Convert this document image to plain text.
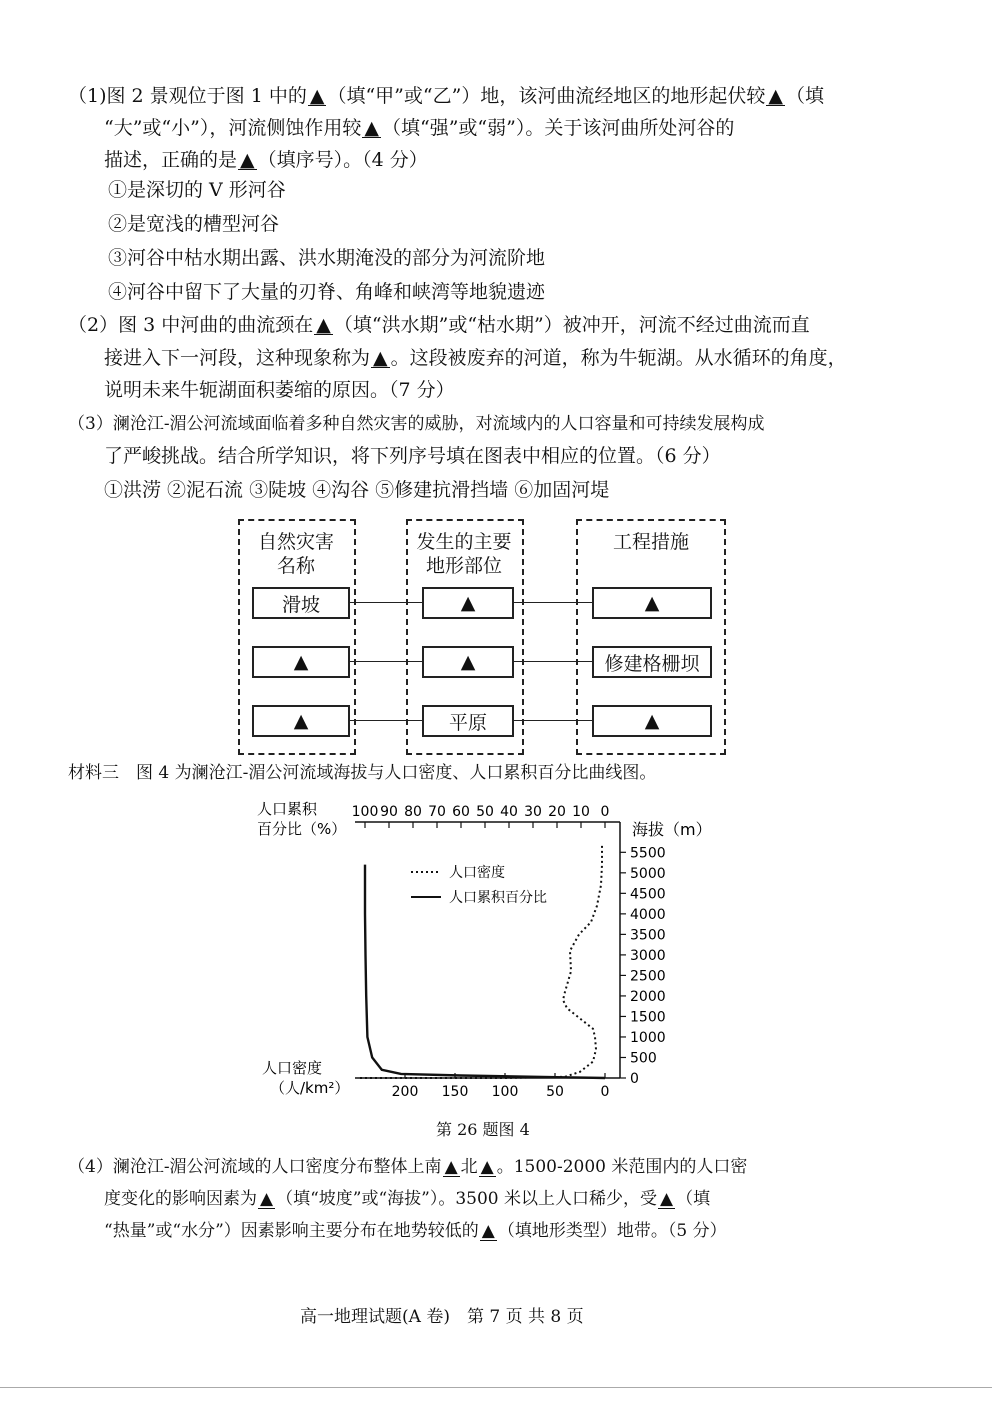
（1)图 2 景观位于图 1 中的 ▲ （填“甲”或“乙”）地，该河曲流经地区的地形起伏较 ▲ （填
“大”或“小”），河流侧蚀作用较 ▲ （填“强”或“弱”）。关于该河曲所处河谷的
描述，正确的是 ▲ （填序号）。（4 分）
①是深切的 V 形河谷
②是宽浅的槽型河谷
③河谷中枯水期出露、洪水期淹没的部分为河流阶地
④河谷中留下了大量的刃脊、角峰和峡湾等地貌遗迹
（2）图 3 中河曲的曲流颈在 ▲ （填“洪水期”或“枯水期”）被冲开，河流不经过曲流而直
接进入下一河段，这种现象称为 ▲ 。这段被废弃的河道，称为牛轭湖。从水循环的角度，
说明未来牛轭湖面积萎缩的原因。（7 分）
（3）澜沧江-湄公河流域面临着多种自然灾害的威胁，对流域内的人口容量和可持续发展构成
了严峻挑战。结合所学知识，将下列序号填在图表中相应的位置。（6 分）
①洪涝 ②泥石流 ③陡坡 ④沟谷 ⑤修建抗滑挡墙 ⑥加固河堤
自然灾害
名称
发生的主要
地形部位
工程措施
滑坡	▲	▲
▲	▲	修建格栅坝
▲	平原	▲
材料三　图 4 为澜沧江-湄公河流域海拔与人口密度、人口累积百分比曲线图。
人口累积
百分比（%）	海拔（m）
人口密度
（人/km²）
100 90 80 70 60 50 40 30 20 10 0
200 150 100 50	0
0
500
1000
1500
2000
2500
3000
3500
4000
4500
5000
5500
人口密度
人口累积百分比
第 26 题图 4
（4）澜沧江-湄公河流域的人口密度分布整体上南 ▲ 北 ▲ 。1500-2000 米范围内的人口密
度变化的影响因素为 ▲ （填“坡度”或“海拔”）。3500 米以上人口稀少，受 ▲ （填
“热量”或“水分”）因素影响主要分布在地势较低的 ▲ （填地形类型）地带。（5 分）
高一地理试题(A 卷)　第 7 页 共 8 页
